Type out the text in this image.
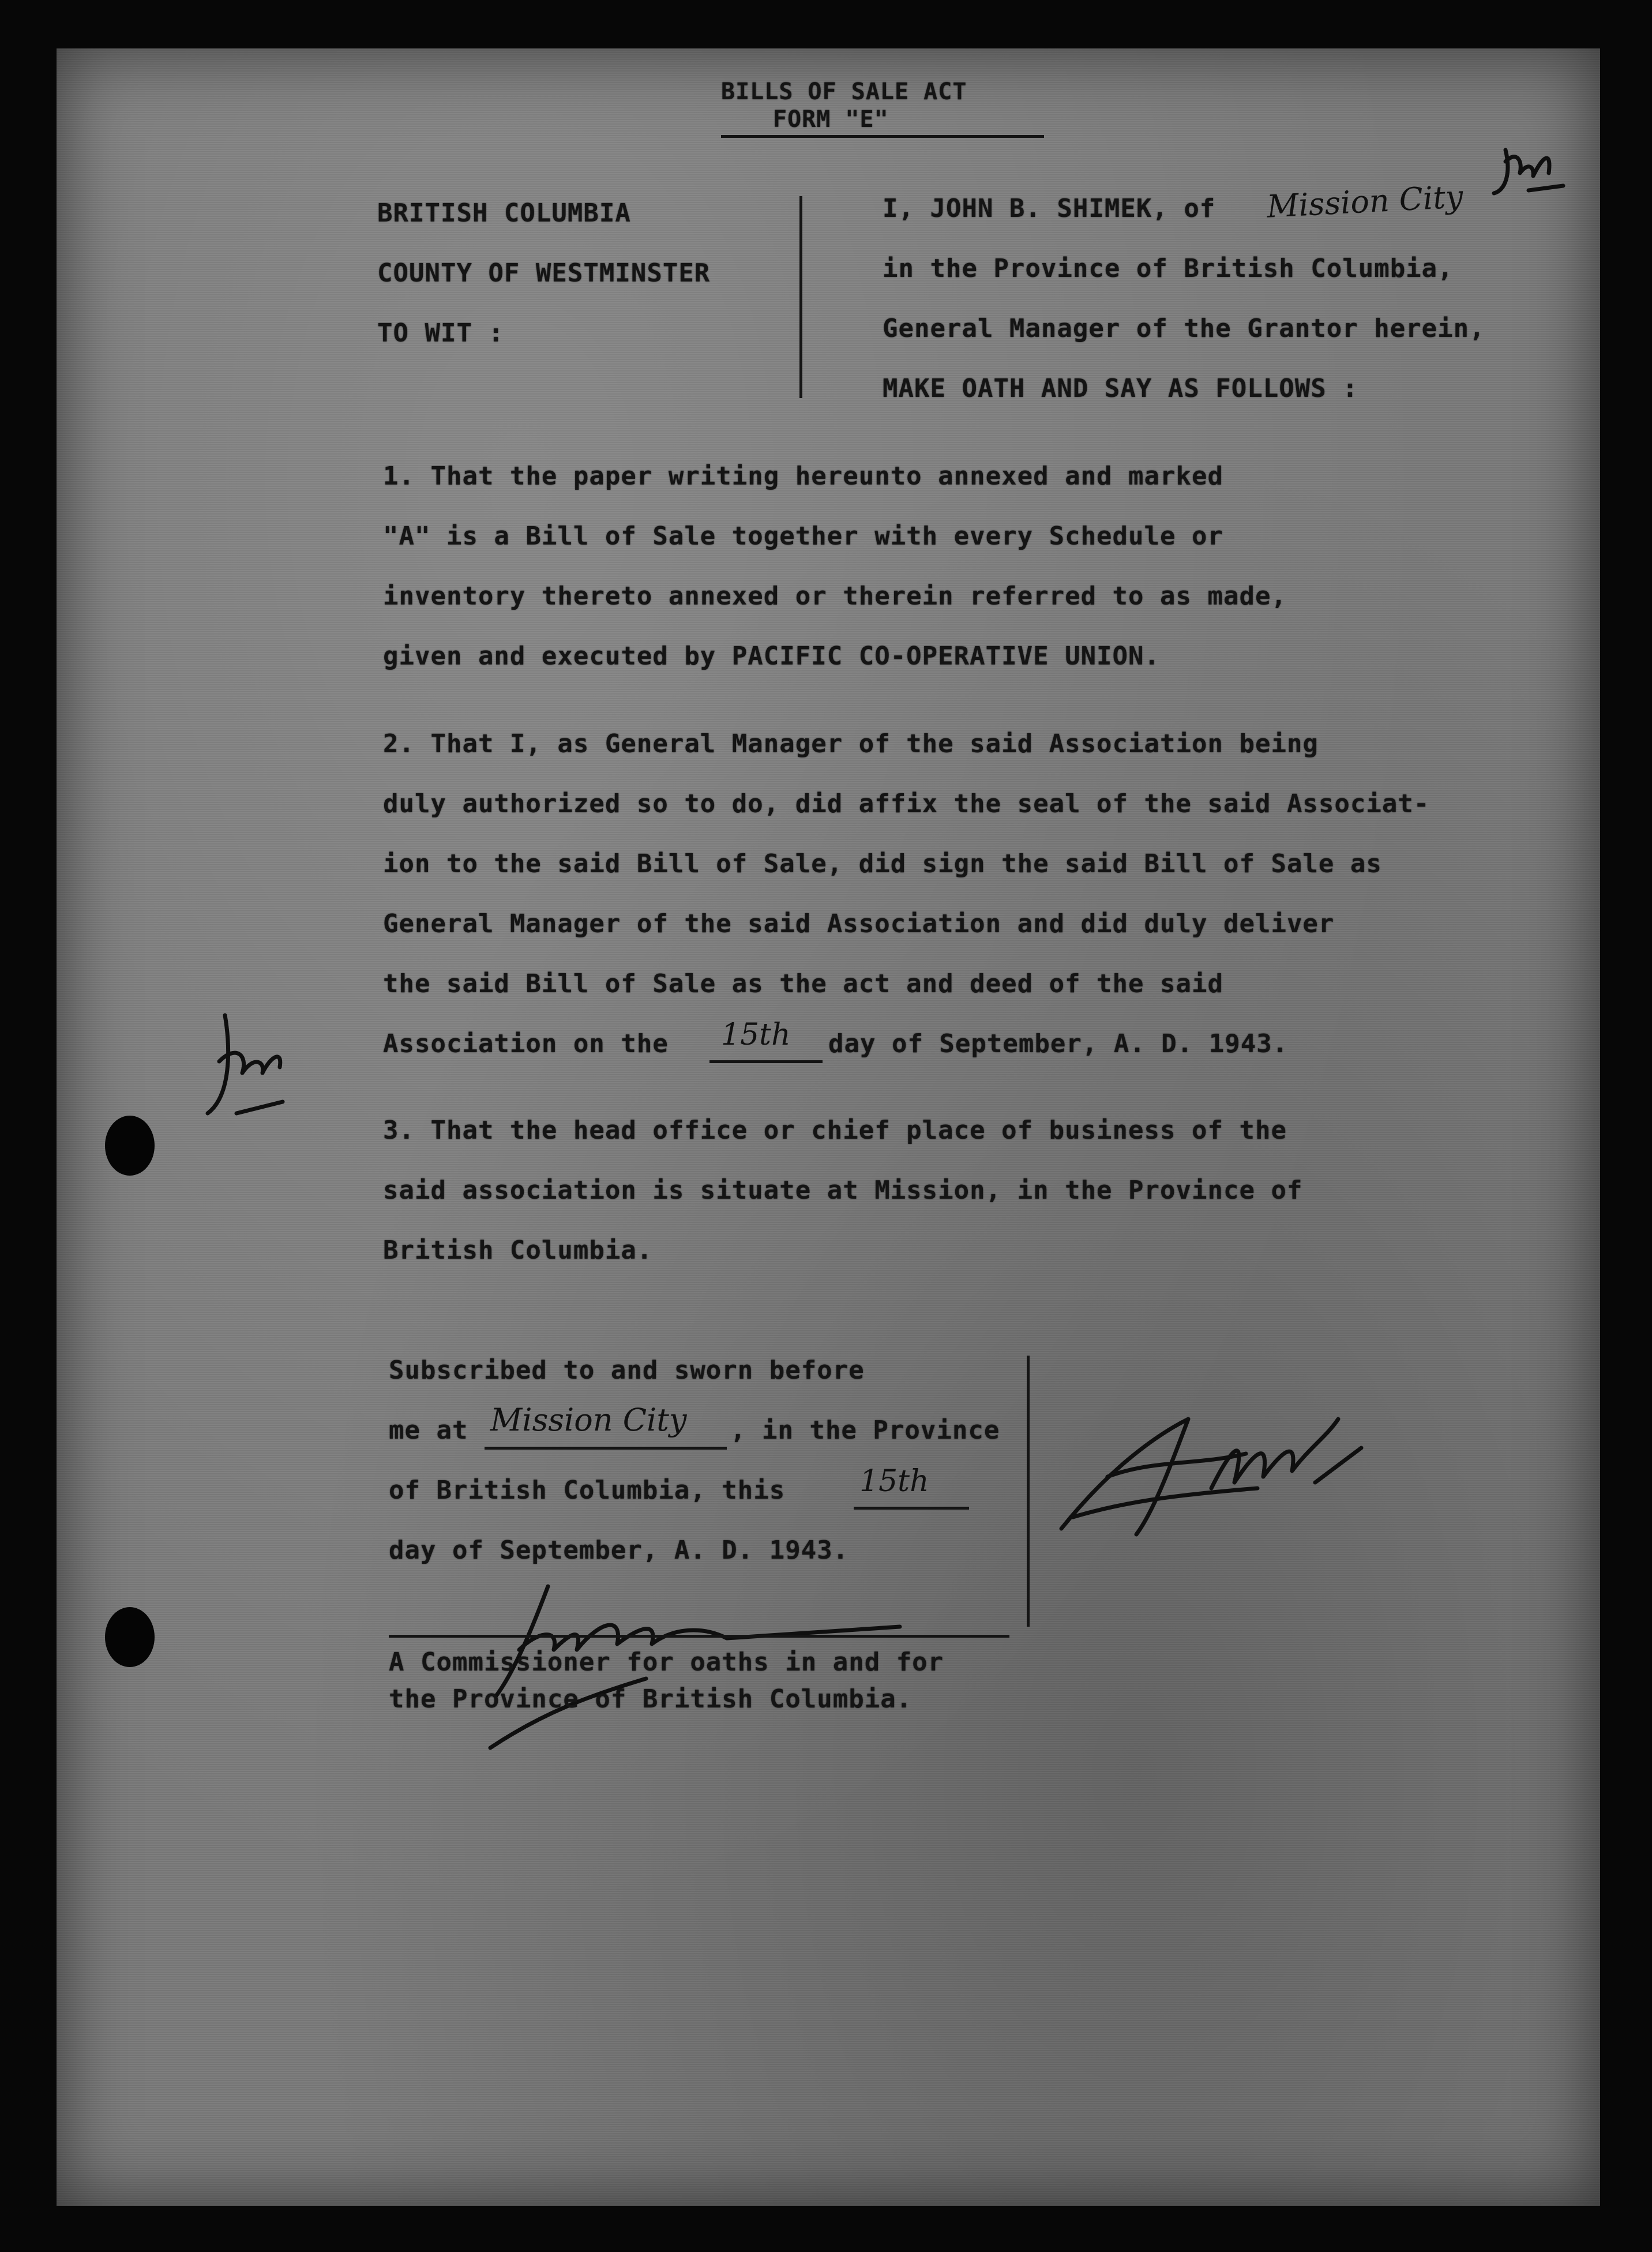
BILLS OF SALE ACT
FORM "E"
BRITISH COLUMBIA
COUNTY OF WESTMINSTER
TO WIT :
I, JOHN B. SHIMEK, of Mission City
in the Province of British Columbia,
General Manager of the Grantor herein,
MAKE OATH AND SAY AS FOLLOWS :
1. That the paper writing hereunto annexed and marked
"A" is a Bill of Sale together with every Schedule or
inventory thereto annexed or therein referred to as made,
given and executed by PACIFIC CO-OPERATIVE UNION.
2. That I, as General Manager of the said Association being
duly authorized so to do, did affix the seal of the said Associat-
ion to the said Bill of Sale, did sign the said Bill of Sale as
General Manager of the said Association and did duly deliver
the said Bill of Sale as the act and deed of the said
Association on the 15th day of September, A. D. 1943.
3. That the head office or chief place of business of the
said association is situate at Mission, in the Province of
British Columbia.
Subscribed to and sworn before
me at Mission City , in the Province
of British Columbia, this 15th
day of September, A. D. 1943.
A Commissioner for oaths in and for
the Province of British Columbia.
